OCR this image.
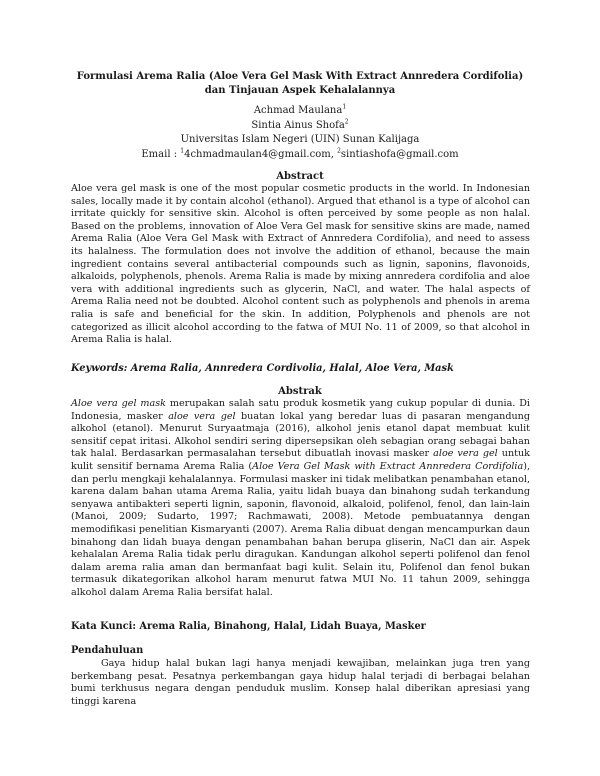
Formulasi Arema Ralia (Aloe Vera Gel Mask With Extract Annredera Cordifolia) dan Tinjauan Aspek Kehalalannya
Achmad Maulana$^1$
Sintia Ainus Shofa$^2$
Universitas Islam Negeri (UIN) Sunan Kalijaga
Email : $^1$4chmadmaulan4@gmail.com, $^2$sintiashofa@gmail.com
Abstract
Alo​e vera gel mask is one of the most popular cosmetic products in the world. In Indonesian sales, locally made it by contain alcohol (ethanol). Argued that ethanol is a type of alcohol can irritate quickly for sensitive skin. Alcohol is often perceived by some people as non halal. Based on the problems, innovation of Aloe Vera Gel mask for sensitive skins are made, named Arema Ralia (Aloe Vera Gel Mask with Extract of Annredera Cordifolia), and need to assess its halalness. The formulation does not involve the addition of ethanol, because the main ingredient contains several antibacterial compounds such as lignin, saponins, flavonoids, alkaloids, polyphenols, phenols. Arema Ralia is made by mixing annredera cordifolia and aloe vera with additional ingredients such as glycerin, NaCl, and water. The halal aspects of Arema Ralia need not be doubted. Alcohol content such as polyphenols and phenols in arema ralia is safe and beneficial for the skin. In addition, Polyphenols and phenols are not categorized as illicit alcohol according to the fatwa of MUI No. 11 of 2009, so that alcohol in Arema Ralia is halal.
Keywords: Arema Ralia, Annredera Cordivolia, Halal, Aloe Vera, Mask
Abstrak
Aloe vera gel mask merupakan salah satu produk kosmetik yang cukup popular di dunia. Di Indonesia, masker aloe vera gel buatan lokal yang beredar luas di pasaran mengandung alkohol (etanol). Menurut Suryaatmaja (2016), alkohol jenis etanol dapat membuat kulit sensitif cepat iritasi. Alkohol sendiri sering dipersepsikan oleh sebagian orang sebagai bahan tak halal. Berdasarkan permasalahan tersebut dibuatlah inovasi masker aloe vera gel untuk kulit sensitif bernama Arema Ralia (Aloe Vera Gel Mask with Extract Annredera Cordifolia), dan perlu mengkaji kehalalannya. Formulasi masker ini tidak melibatkan penambahan etanol, karena dalam bahan utama Arema Ralia, yaitu lidah buaya dan binahong sudah terkandung senyawa antibakteri seperti lignin, saponin, flavonoid, alkaloid, polifenol, fenol, dan lain-lain (Manoi, 2009; Sudarto, 1997; Rachmawati, 2008). Metode pembuatannya dengan memodifikasi penelitian Kismaryanti (2007). Arema Ralia dibuat dengan mencampurkan daun binahong dan lidah buaya dengan penambahan bahan berupa gliserin, NaCl dan air. Aspek kehalalan Arema Ralia tidak perlu diragukan. Kandungan alkohol seperti polifenol dan fenol dalam arema ralia aman dan bermanfaat bagi kulit. Selain itu, Polifenol dan fenol bukan termasuk dikategorikan alkohol haram menurut fatwa MUI No. 11 tahun 2009, sehingga alkohol dalam Arema Ralia bersifat halal.
Kata Kunci: Arema Ralia, Binahong, Halal, Lidah Buaya, Masker
Pendahuluan
Gaya hidup halal bukan lagi hanya menjadi kewajiban, melainkan juga tren yang berkembang pesat. Pesatnya perkembangan gaya hidup halal terjadi di berbagai belahan bumi terkhusus negara dengan penduduk muslim. Konsep halal diberikan apresiasi yang tinggi karena
